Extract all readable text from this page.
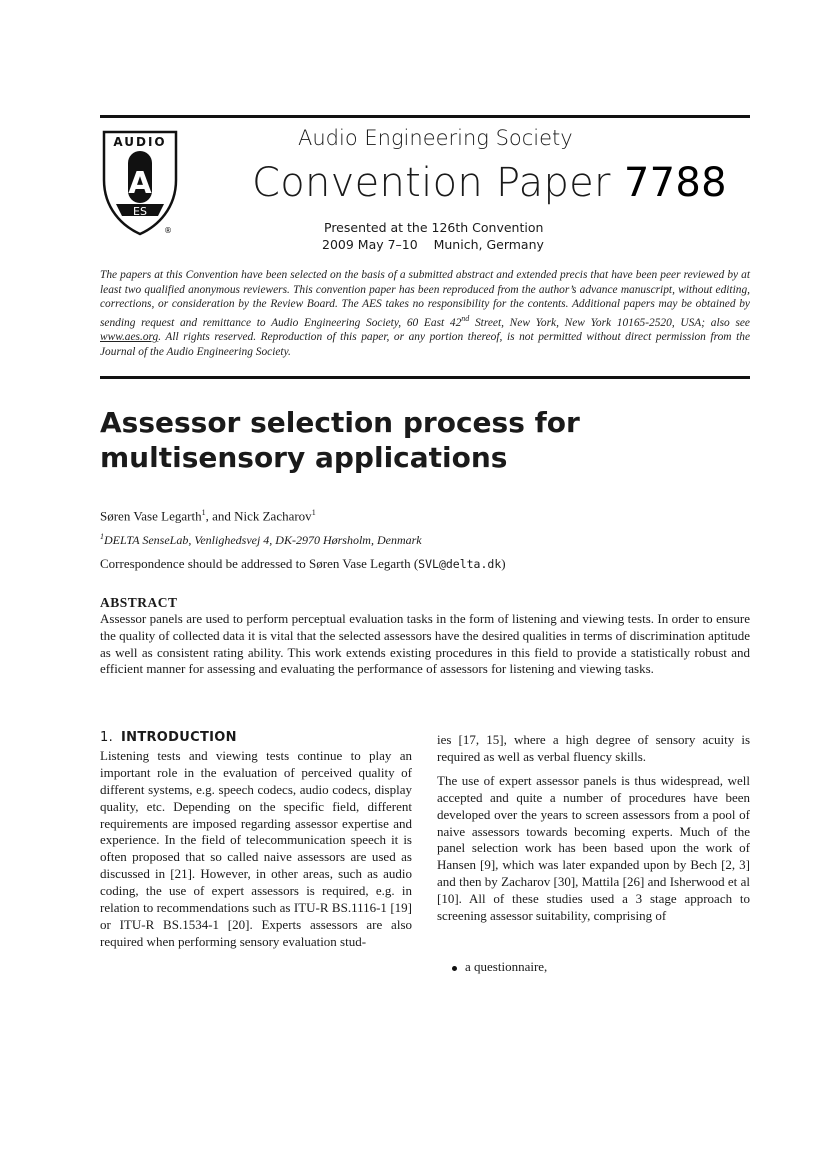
AUDIO
A
ES
®
Audio Engineering Society
Convention Paper 7788
Presented at the 126th Convention
2009 May 7–10    Munich, Germany
The papers at this Convention have been selected on the basis of a submitted abstract and extended precis that have been peer reviewed by at least two qualified anonymous reviewers. This convention paper has been reproduced from the author’s advance manuscript, without editing, corrections, or consideration by the Review Board. The AES takes no responsibility for the contents. Additional papers may be obtained by sending request and remittance to Audio Engineering Society, 60 East 42nd Street, New York, New York 10165-2520, USA; also see www.aes.org. All rights reserved. Reproduction of this paper, or any portion thereof, is not permitted without direct permission from the Journal of the Audio Engineering Society.
Assessor selection process for multisensory applications
Søren Vase Legarth$^1$, and Nick Zacharov$^1$
$^1$DELTA SenseLab, Venlighedsvej 4, DK-2970 Hørsholm, Denmark
Correspondence should be addressed to Søren Vase Legarth (SVL@delta.dk)
ABSTRACT
Assessor panels are used to perform perceptual evaluation tasks in the form of listening and viewing tests. In order to ensure the quality of collected data it is vital that the selected assessors have the desired qualities in terms of discrimination aptitude as well as consistent rating ability. This work extends existing procedures in this field to provide a statistically robust and efficient manner for assessing and evaluating the performance of assessors for listening and viewing tasks.
1. INTRODUCTION

Listening tests and viewing tests continue to play an important role in the evaluation of perceived quality of different systems, e.g. speech codecs, audio codecs, display quality, etc. Depending on the specific field, different requirements are imposed regarding assessor expertise and experience. In the field of telecommunication speech it is often proposed that so called naive assessors are used as discussed in [21]. However, in other areas, such as audio coding, the use of expert assessors is required, e.g. in relation to recommendations such as ITU-R BS.1116-1 [19] or ITU-R BS.1534-1 [20]. Experts assessors are also required when performing sensory evaluation stud-

ies [17, 15], where a high degree of sensory acuity is required as well as verbal fluency skills.

The use of expert assessor panels is thus widespread, well accepted and quite a number of procedures have been developed over the years to screen assessors from a pool of naive assessors towards becoming experts. Much of the panel selection work has been based upon the work of Hansen [9], which was later expanded upon by Bech [2, 3] and then by Zacharov [30], Mattila [26] and Isherwood et al [10]. All of these studies used a 3 stage approach to screening assessor suitability, comprising of

a questionnaire,
